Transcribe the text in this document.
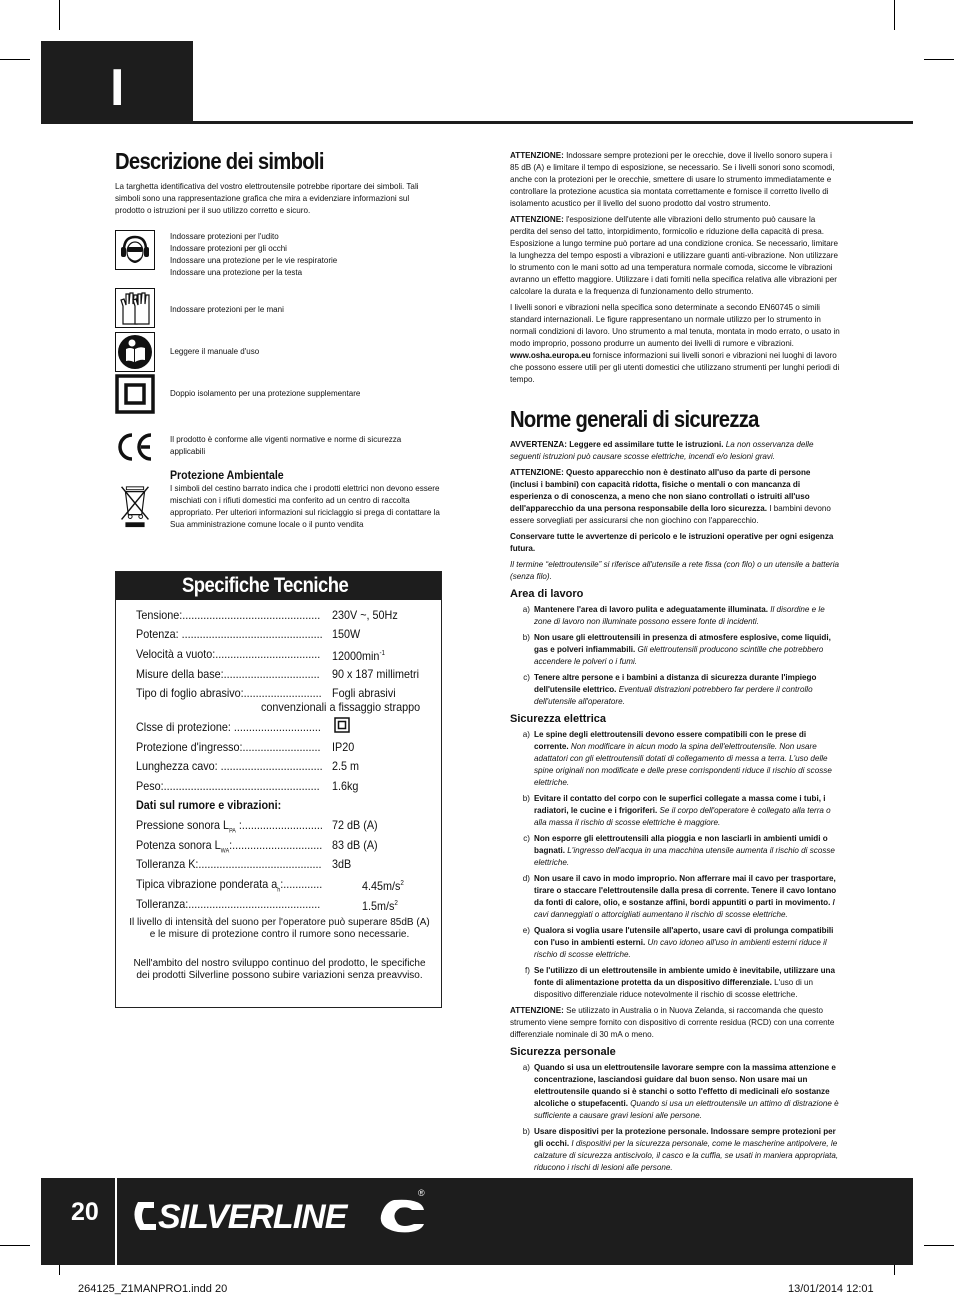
I
Descrizione dei simboli
La targhetta identificativa del vostro elettroutensile potrebbe riportare dei simboli. Tali simboli sono una rappresentazione grafica che mira a evidenziare informazioni sul prodotto o istruzioni per il suo utilizzo corretto e sicuro.
Indossare protezioni per l'udito
Indossare protezioni per gli occhi
Indossare una protezione per le vie respiratorie
Indossare una protezione per la testa
Indossare protezioni per le mani
Leggere il manuale d'uso
Doppio isolamento per una protezione supplementare
Il prodotto è conforme alle vigenti normative e norme di sicurezza applicabili
Protezione Ambientale
I simboli del cestino barrato indica che i prodotti elettrici non devono essere mischiati con i rifiuti domestici ma conferito ad un centro di raccolta appropriato. Per ulteriori informazioni sul riciclaggio si prega di contattare la Sua amministrazione comune locale o il punto vendita
Specifiche Tecniche
Tensione:.............................................. 230V ~, 50Hz
Potenza: ............................................... 150W
Velocità a vuoto:................................... $12000\min^{-1}$
Misure della base:................................ 90 x 187 millimetri
Tipo di foglio abrasivo:.......................... Fogli abrasivi
convenzionali a fissaggio strappo
Clsse di protezione: .............................
Protezione d'ingresso:.......................... IP20
Lunghezza cavo: .................................. 2.5 m
Peso:.................................................... 1.6kg
Dati sul rumore e vibrazioni:
Pressione sonora $L_{PA}$ :........................... 72 dB (A)
Potenza sonora $L_{WA}$:.............................. 83 dB (A)
Tolleranza K:......................................... 3dB
Tipica vibrazione ponderata $a_h$:.............	$4.45m/s^2$
Tolleranza:............................................	$1.5m/s^2$
Il livello di intensità del suono per l'operatore può superare 85dB (A) e le misure di protezione contro il rumore sono necessarie.
Nell'ambito del nostro sviluppo continuo del prodotto, le specifiche dei prodotti Silverline possono subire variazioni senza preavviso.

ATTENZIONE: Indossare sempre protezioni per le orecchie, dove il livello sonoro supera i 85 dB (A) e limitare il tempo di esposizione, se necessario. Se i livelli sonori sono scomodi, anche con la protezioni per le orecchie, smettere di usare lo strumento immediatamente e controllare la protezione acustica sia montata correttamente e fornisce il corretto livello di isolamento acustico per il livello del suono prodotto dal vostro strumento.

ATTENZIONE: l'esposizione dell'utente alle vibrazioni dello strumento può causare la perdita del senso del tatto, intorpidimento, formicolio e riduzione della capacità di presa. Esposizione a lungo termine può portare ad una condizione cronica. Se necessario, limitare la lunghezza del tempo esposti a vibrazioni e utilizzare guanti anti-vibrazione. Non utilizzare lo strumento con le mani sotto ad una temperatura normale comoda, siccome le vibrazioni avranno un effetto maggiore. Utilizzare i dati forniti nella specifica relativa alle vibrazioni per calcolare la durata e la frequenza di funzionamento dello strumento.

I livelli sonori e vibrazioni nella specifica sono determinate a secondo EN60745 o simili standard internazionali. Le figure rappresentano un normale utilizzo per lo strumento in normali condizioni di lavoro. Uno strumento a mal tenuta, montata in modo errato, o usato in modo improprio, possono produrre un aumento dei livelli di rumore e vibrazioni. www.osha.europa.eu fornisce informazioni sui livelli sonori e vibrazioni nei luoghi di lavoro che possono essere utili per gli utenti domestici che utilizzano strumenti per lunghi periodi di tempo.

Norme generali di sicurezza

AVVERTENZA: Leggere ed assimilare tutte le istruzioni. La non osservanza delle seguenti istruzioni può causare scosse elettriche, incendi e/o lesioni gravi.

ATTENZIONE: Questo apparecchio non è destinato all'uso da parte di persone (inclusi i bambini) con capacità ridotta, fisiche o mentali o con mancanza di esperienza o di conoscenza, a meno che non siano controllati o istruiti all'uso dell'apparecchio da una persona responsabile della loro sicurezza. I bambini devono essere sorvegliati per assicurarsi che non giochino con l'apparecchio.

Conservare tutte le avvertenze di pericolo e le istruzioni operative per ogni esigenza futura.

Il termine “elettroutensile” si riferisce all'utensile a rete fissa (con filo) o un utensile a batteria (senza filo).

Area di lavoro
a) Mantenere l'area di lavoro pulita e adeguatamente illuminata. Il disordine e le zone di lavoro non illuminate possono essere fonte di incidenti.
b) Non usare gli elettroutensili in presenza di atmosfere esplosive, come liquidi, gas e polveri infiammabili. Gli elettroutensili producono scintille che potrebbero accendere le polveri o i fumi.
c) Tenere altre persone e i bambini a distanza di sicurezza durante l'impiego dell'utensile elettrico. Eventuali distrazioni potrebbero far perdere il controllo dell'utensile all'operatore.
Sicurezza elettrica
a) Le spine degli elettroutensili devono essere compatibili con le prese di corrente. Non modificare in alcun modo la spina dell'elettroutensile. Non usare adattatori con gli elettroutensili dotati di collegamento di messa a terra. L'uso delle spine originali non modificate e delle prese corrispondenti riduce il rischio di scosse elettriche.
b) Evitare il contatto del corpo con le superfici collegate a massa come i tubi, i radiatori, le cucine e i frigoriferi. Se il corpo dell'operatore è collegato alla terra o alla massa il rischio di scosse elettriche è maggiore.
c) Non esporre gli elettroutensili alla pioggia e non lasciarli in ambienti umidi o bagnati. L'ingresso dell'acqua in una macchina utensile aumenta il rischio di scosse elettriche.
d) Non usare il cavo in modo improprio. Non afferrare mai il cavo per trasportare, tirare o staccare l'elettroutensile dalla presa di corrente. Tenere il cavo lontano da fonti di calore, olio, e sostanze affini, bordi appuntiti o parti in movimento. / cavi danneggiati o attorcigliati aumentano il rischio di scosse elettriche.
e) Qualora si voglia usare l'utensile all'aperto, usare cavi di prolunga compatibili con l'uso in ambienti esterni. Un cavo idoneo all'uso in ambienti esterni riduce il rischio di scosse elettriche.
f) Se l'utilizzo di un elettroutensile in ambiente umido è inevitabile, utilizzare una fonte di alimentazione protetta da un dispositivo differenziale. L'uso di un dispositivo differenziale riduce notevolmente il rischio di scosse elettriche.

ATTENZIONE: Se utilizzato in Australia o in Nuova Zelanda, si raccomanda che questo strumento viene sempre fornito con dispositivo di corrente residua (RCD) con una corrente differenziale nominale di 30 mA o meno.

Sicurezza personale
a) Quando si usa un elettroutensile lavorare sempre con la massima attenzione e concentrazione, lasciandosi guidare dal buon senso. Non usare mai un elettroutensile quando si è stanchi o sotto l'effetto di medicinali e/o sostanze alcoliche o stupefacenti. Quando si usa un elettroutensile un attimo di distrazione è sufficiente a causare gravi lesioni alle persone.
b) Usare dispositivi per la protezione personale. Indossare sempre protezioni per gli occhi. I dispositivi per la sicurezza personale, come le mascherine antipolvere, le calzature di sicurezza antiscivolo, il casco e la cuffia, se usati in maniera appropriata, riducono i rischi di lesioni alle persone.
20 SILVERLINE
®
264125_Z1MANPRO1.indd 20	13/01/2014 12:01
